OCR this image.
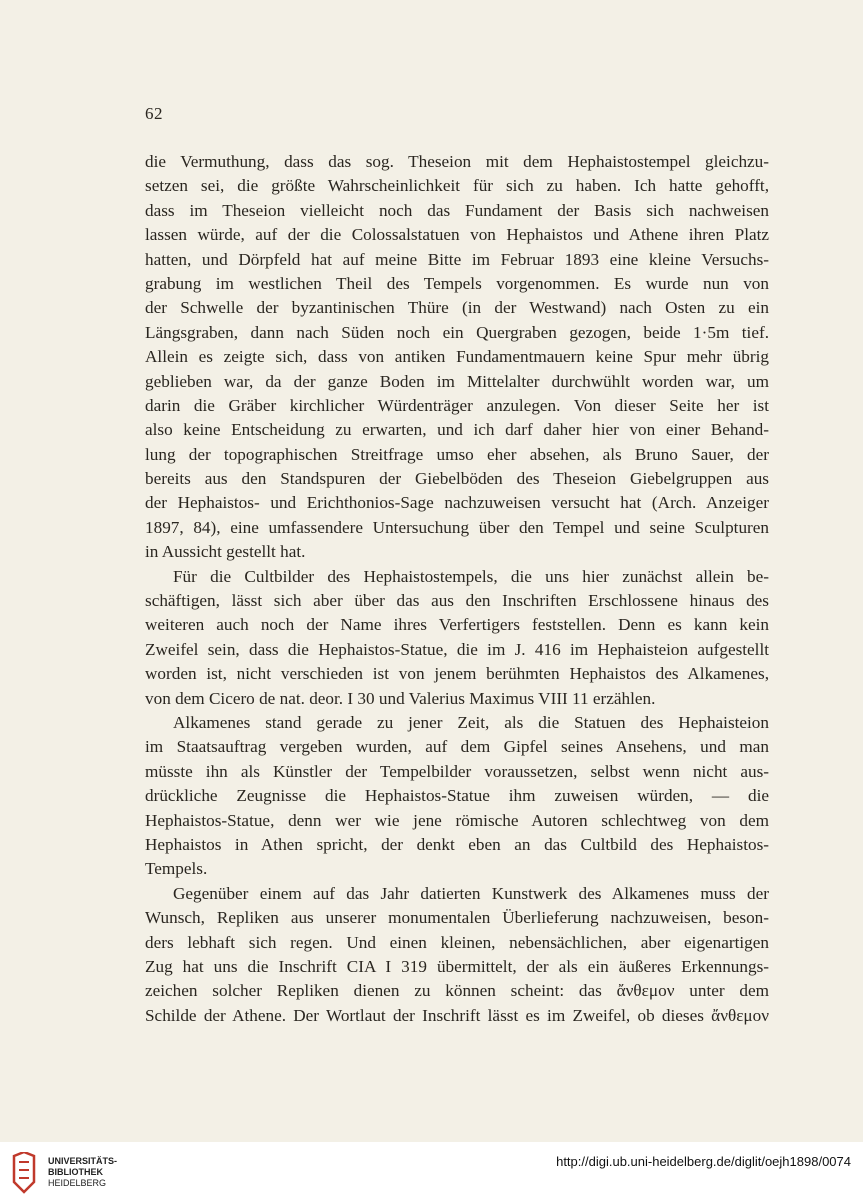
62
die Vermuthung, dass das sog. Theseion mit dem Hephaistostempel gleichzu-
setzen sei, die größte Wahrscheinlichkeit für sich zu haben. Ich hatte gehofft,
dass im Theseion vielleicht noch das Fundament der Basis sich nachweisen
lassen würde, auf der die Colossalstatuen von Hephaistos und Athene ihren Platz
hatten, und Dörpfeld hat auf meine Bitte im Februar 1893 eine kleine Versuchs-
grabung im westlichen Theil des Tempels vorgenommen. Es wurde nun von
der Schwelle der byzantinischen Thüre (in der Westwand) nach Osten zu ein
Längsgraben, dann nach Süden noch ein Quergraben gezogen, beide 1·5m tief.
Allein es zeigte sich, dass von antiken Fundamentmauern keine Spur mehr übrig
geblieben war, da der ganze Boden im Mittelalter durchwühlt worden war, um
darin die Gräber kirchlicher Würdenträger anzulegen. Von dieser Seite her ist
also keine Entscheidung zu erwarten, und ich darf daher hier von einer Behand-
lung der topographischen Streitfrage umso eher absehen, als Bruno Sauer, der
bereits aus den Standspuren der Giebelböden des Theseion Giebelgruppen aus
der Hephaistos- und Erichthonios-Sage nachzuweisen versucht hat (Arch. Anzeiger
1897, 84), eine umfassendere Untersuchung über den Tempel und seine Sculpturen
in Aussicht gestellt hat.
Für die Cultbilder des Hephaistostempels, die uns hier zunächst allein be-
schäftigen, lässt sich aber über das aus den Inschriften Erschlossene hinaus des
weiteren auch noch der Name ihres Verfertigers feststellen. Denn es kann kein
Zweifel sein, dass die Hephaistos-Statue, die im J. 416 im Hephaisteion aufgestellt
worden ist, nicht verschieden ist von jenem berühmten Hephaistos des Alkamenes,
von dem Cicero de nat. deor. I 30 und Valerius Maximus VIII 11 erzählen.
Alkamenes stand gerade zu jener Zeit, als die Statuen des Hephaisteion
im Staatsauftrag vergeben wurden, auf dem Gipfel seines Ansehens, und man
müsste ihn als Künstler der Tempelbilder voraussetzen, selbst wenn nicht aus-
drückliche Zeugnisse die Hephaistos-Statue ihm zuweisen würden, — die
Hephaistos-Statue, denn wer wie jene römische Autoren schlechtweg von dem
Hephaistos in Athen spricht, der denkt eben an das Cultbild des Hephaistos-
Tempels.
Gegenüber einem auf das Jahr datierten Kunstwerk des Alkamenes muss der
Wunsch, Repliken aus unserer monumentalen Überlieferung nachzuweisen, beson-
ders lebhaft sich regen. Und einen kleinen, nebensächlichen, aber eigenartigen
Zug hat uns die Inschrift CIA I 319 übermittelt, der als ein äußeres Erkennungs-
zeichen solcher Repliken dienen zu können scheint: das ἄνθεμον unter dem
Schilde der Athene. Der Wortlaut der Inschrift lässt es im Zweifel, ob dieses ἄνθεμον
UNIVERSITÄTS-
BIBLIOTHEK
HEIDELBERG
http://digi.ub.uni-heidelberg.de/diglit/oejh1898/0074
